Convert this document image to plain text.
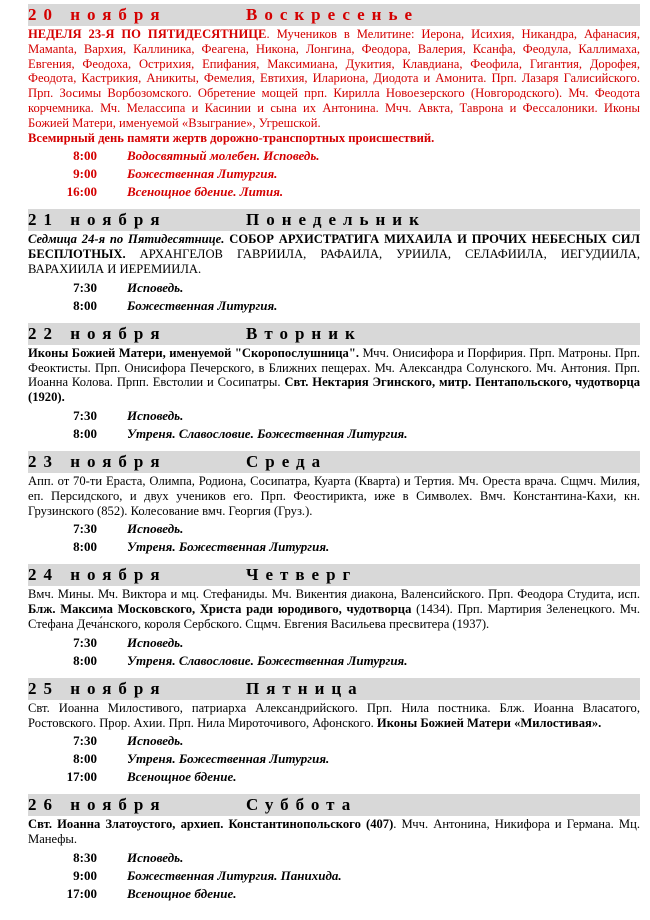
20 ноября	Воскресенье
НЕДЕЛЯ 23-Я ПО ПЯТИДЕСЯТНИЦЕ. Мучеников в Мелитине: Иерона, Исихия, Никандра, Афанасия, Мамanta, Вархия, Каллиника, Феагена, Никона, Лонгина, Феодора, Валерия, Ксанфа, Феодула, Каллимаха, Евгения, Феодоха, Острихия, Епифания, Максимиана, Дукития, Клавдиана, Феофила, Гигантия, Дорофея, Феодота, Кастрикия, Аникиты, Фемелия, Евтихия, Илариона, Диодота и Амонита. Прп. Лазаря Галисийского. Прп. Зосимы Ворбозомского. Обретение мощей прп. Кирилла Новоезерского (Новгородского). Мч. Феодота корчемника. Мч. Мелассипа и Касинии и сына их Антонина. Мчч. Авкта, Таврона и Фессалоники. Иконы Божией Матери, именуемой «Взыграние», Угрешской.
Всемирный день памяти жертв дорожно-транспортных происшествий.
8:00 Водосвятный молебен. Исповедь.
9:00 Божественная Литургия.
16:00 Всенощное бдение. Лития.
21 ноября	Понедельник
Седмица 24-я по Пятидесятнице. СОБОР АРХИСТРАТИГА МИХАИЛА И ПРОЧИХ НЕБЕСНЫХ СИЛ БЕСПЛОТНЫХ. АРХАНГЕЛОВ ГАВРИИЛА, РАФАИЛА, УРИИЛА, СЕЛАФИИЛА, ИЕГУДИИЛА, ВАРАХИИЛА И ИЕРЕМИИЛА.
7:30 Исповедь.
8:00 Божественная Литургия.
22 ноября	Вторник
Иконы Божией Матери, именуемой "Скоропослушница". Мчч. Онисифора и Порфирия. Прп. Матроны. Прп. Феоктисты. Прп. Онисифора Печерского, в Ближних пещерах. Мч. Александра Солунского. Мч. Антония. Прп. Иоанна Колова. Прпп. Евстолии и Сосипатры. Свт. Нектария Эгинского, митр. Пентапольского, чудотворца (1920).
7:30 Исповедь.
8:00 Утреня. Славословие. Божественная Литургия.
23 ноября	Среда
Апп. от 70-ти Ераста, Олимпа, Родиона, Сосипатра, Куарта (Кварта) и Тертия. Мч. Ореста врача. Сщмч. Милия, еп. Персидского, и двух учеников его. Прп. Феостирикта, иже в Символех. Вмч. Константина-Кахи, кн. Грузинского (852). Колесование вмч. Георгия (Груз.).
7:30 Исповедь.
8:00 Утреня. Божественная Литургия.
24 ноября	Четверг
Вмч. Мины. Мч. Виктора и мц. Стефаниды. Мч. Викентия диакона, Валенсийского. Прп. Феодора Студита, исп. Блж. Максима Московского, Христа ради юродивого, чудотворца (1434). Прп. Мартирия Зеленецкого. Мч. Стефана Деча́нского, короля Сербского. Сщмч. Евгения Васильева пресвитера (1937).
7:30 Исповедь.
8:00 Утреня. Славословие. Божественная Литургия.
25 ноября	Пятница
Свт. Иоанна Милостивого, патриарха Александрийского. Прп. Нила постника. Блж. Иоанна Власатого, Ростовского. Прор. Ахии. Прп. Нила Мироточивого, Афонского. Иконы Божией Матери «Милостивая».
7:30 Исповедь.
8:00 Утреня. Божественная Литургия.
17:00 Всенощное бдение.
26 ноября	Суббота
Свт. Иоанна Златоустого, архиеп. Константинопольского (407). Мчч. Антонина, Никифора и Германа. Мц. Манефы.
8:30 Исповедь.
9:00 Божественная Литургия. Панихида.
17:00 Всенощное бдение.
